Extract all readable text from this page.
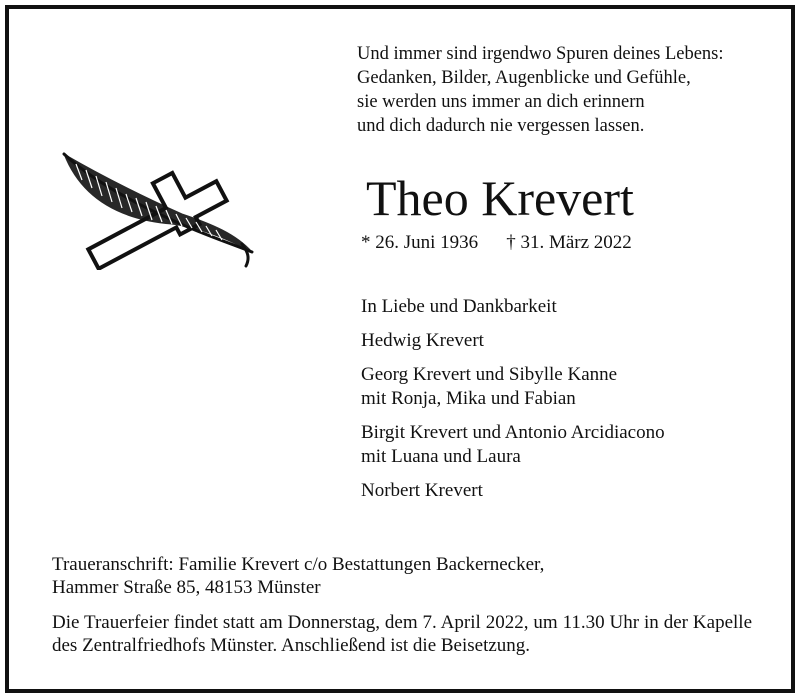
Und immer sind irgendwo Spuren deines Lebens:
Gedanken, Bilder, Augenblicke und Gefühle,
sie werden uns immer an dich erinnern
und dich dadurch nie vergessen lassen.
Theo Krevert
* 26. Juni 1936 † 31. März 2022
In Liebe und Dankbarkeit
Hedwig Krevert
Georg Krevert und Sibylle Kanne
mit Ronja, Mika und Fabian
Birgit Krevert und Antonio Arcidiacono
mit Luana und Laura
Norbert Krevert
Traueranschrift: Familie Krevert c/o Bestattungen Backernecker,
Hammer Straße 85, 48153 Münster
Die Trauerfeier findet statt am Donnerstag, dem 7. April 2022, um 11.30 Uhr in der Kapelle des Zentralfriedhofs Münster. Anschließend ist die Beisetzung.
